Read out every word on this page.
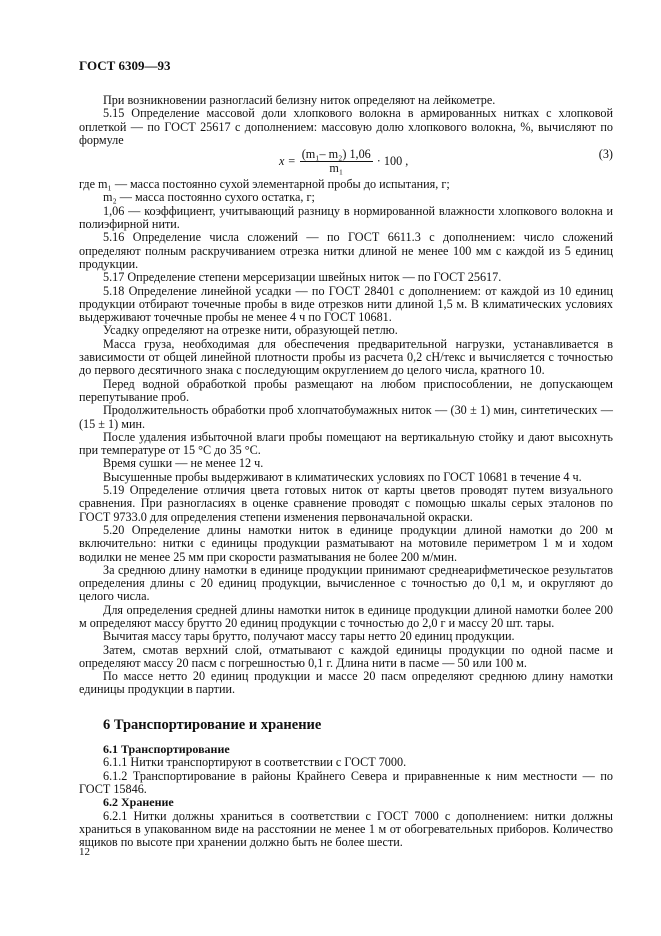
ГОСТ 6309—93

При возникновении разногласий белизну ниток определяют на лейкометре.

5.15 Определение массовой доли хлопкового волокна в армированных нитках с хлопковой оплеткой — по ГОСТ 25617 с дополнением: массовую долю хлопкового волокна, %, вычисляют по формуле

$x = \frac{\text{(m₁– m₂) 1,06}}{\text{m₁}} \cdot 100$ ,
(3)

где m₁ — масса постоянно сухой элементарной пробы до испытания, г;

m₂ — масса постоянно сухого остатка, г;

1,06 — коэффициент, учитывающий разницу в нормированной влажности хлопкового волокна и полиэфирной нити.

5.16 Определение числа сложений — по ГОСТ 6611.3 с дополнением: число сложений определяют полным раскручиванием отрезка нитки длиной не менее 100 мм с каждой из 5 единиц продукции.

5.17 Определение степени мерсеризации швейных ниток — по ГОСТ 25617.

5.18 Определение линейной усадки — по ГОСТ 28401 с дополнением: от каждой из 10 единиц продукции отбирают точечные пробы в виде отрезков нити длиной 1,5 м. В климатических условиях выдерживают точечные пробы не менее 4 ч по ГОСТ 10681.

Усадку определяют на отрезке нити, образующей петлю.

Масса груза, необходимая для обеспечения предварительной нагрузки, устанавливается в зависимости от общей линейной плотности пробы из расчета 0,2 сН/текс и вычисляется с точностью до первого десятичного знака с последующим округлением до целого числа, кратного 10.

Перед водной обработкой пробы размещают на любом приспособлении, не допускающем перепутывание проб.

Продолжительность обработки проб хлопчатобумажных ниток — (30 ± 1) мин, синтетических — (15 ± 1) мин.

После удаления избыточной влаги пробы помещают на вертикальную стойку и дают высохнуть при температуре от 15 °С до 35 °С.

Время сушки — не менее 12 ч.

Высушенные пробы выдерживают в климатических условиях по ГОСТ 10681 в течение 4 ч.

5.19 Определение отличия цвета готовых ниток от карты цветов проводят путем визуального сравнения. При разногласиях в оценке сравнение проводят с помощью шкалы серых эталонов по ГОСТ 9733.0 для определения степени изменения первоначальной окраски.

5.20 Определение длины намотки ниток в единице продукции длиной намотки до 200 м включительно: нитки с единицы продукции разматывают на мотовиле периметром 1 м и ходом водилки не менее 25 мм при скорости разматывания не более 200 м/мин.

За среднюю длину намотки в единице продукции принимают среднеарифметическое результатов определения длины с 20 единиц продукции, вычисленное с точностью до 0,1 м, и округляют до целого числа.

Для определения средней длины намотки ниток в единице продукции длиной намотки более 200 м определяют массу брутто 20 единиц продукции с точностью до 2,0 г и массу 20 шт. тары.

Вычитая массу тары брутто, получают массу тары нетто 20 единиц продукции.

Затем, смотав верхний слой, отматывают с каждой единицы продукции по одной пасме и определяют массу 20 пасм с погрешностью 0,1 г. Длина нити в пасме — 50 или 100 м.

По массе нетто 20 единиц продукции и массе 20 пасм определяют среднюю длину намотки единицы продукции в партии.

6 Транспортирование и хранение
6.1 Транспортирование

6.1.1 Нитки транспортируют в соответствии с ГОСТ 7000.

6.1.2 Транспортирование в районы Крайнего Севера и приравненные к ним местности — по ГОСТ 15846.

6.2 Хранение

6.2.1 Нитки должны храниться в соответствии с ГОСТ 7000 с дополнением: нитки должны храниться в упакованном виде на расстоянии не менее 1 м от обогревательных приборов. Количество ящиков по высоте при хранении должно быть не более шести.

12
